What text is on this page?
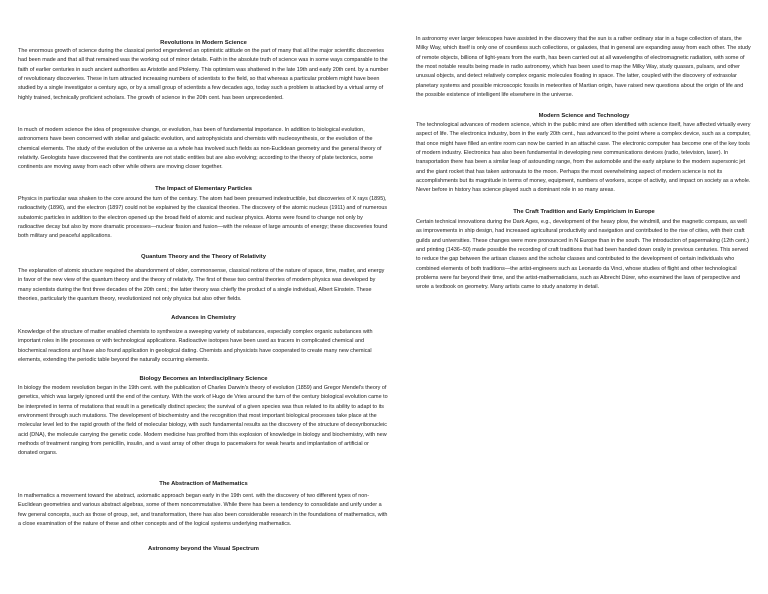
Revolutions in Modern Science

The enormous growth of science during the classical period engendered an optimistic attitude on the part of many that all the major scientific discoveries had been made and that all that remained was the working out of minor details. Faith in the absolute truth of science was in some ways comparable to the faith of earlier centuries in such ancient authorities as Aristotle and Ptolemy. This optimism was shattered in the late 19th and early 20th cent. by a number of revolutionary discoveries. These in turn attracted increasing numbers of scientists to the field, so that whereas a particular problem might have been studied by a single investigator a century ago, or by a small group of scientists a few decades ago, today such a problem is attacked by a virtual army of highly trained, technically proficient scholars. The growth of science in the 20th cent. has been unprecedented.

In much of modern science the idea of progressive change, or evolution, has been of fundamental importance. In addition to biological evolution, astronomers have been concerned with stellar and galactic evolution, and astrophysicists and chemists with nucleosynthesis, or the evolution of the chemical elements. The study of the evolution of the universe as a whole has involved such fields as non-Euclidean geometry and the general theory of relativity. Geologists have discovered that the continents are not static entities but are also evolving; according to the theory of plate tectonics, some continents are moving away from each other while others are moving closer together.

The Impact of Elementary Particles

Physics in particular was shaken to the core around the turn of the century. The atom had been presumed indestructible, but discoveries of X rays (1895), radioactivity (1896), and the electron (1897) could not be explained by the classical theories. The discovery of the atomic nucleus (1911) and of numerous subatomic particles in addition to the electron opened up the broad field of atomic and nuclear physics. Atoms were found to change not only by radioactive decay but also by more dramatic processes—nuclear fission and fusion—with the release of large amounts of energy; these discoveries found both military and peaceful applications.

Quantum Theory and the Theory of Relativity

The explanation of atomic structure required the abandonment of older, commonsense, classical notions of the nature of space, time, matter, and energy in favor of the new view of the quantum theory and the theory of relativity. The first of these two central theories of modern physics was developed by many scientists during the first three decades of the 20th cent.; the latter theory was chiefly the product of a single individual, Albert Einstein. These theories, particularly the quantum theory, revolutionized not only physics but also other fields.

Advances in Chemistry

Knowledge of the structure of matter enabled chemists to synthesize a sweeping variety of substances, especially complex organic substances with important roles in life processes or with technological applications. Radioactive isotopes have been used as tracers in complicated chemical and biochemical reactions and have also found application in geological dating. Chemists and physicists have cooperated to create many new chemical elements, extending the periodic table beyond the naturally occurring elements.

Biology Becomes an Interdisciplinary Science

In biology the modern revolution began in the 19th cent. with the publication of Charles Darwin's theory of evolution (1859) and Gregor Mendel's theory of genetics, which was largely ignored until the end of the century. With the work of Hugo de Vries around the turn of the century biological evolution came to be interpreted in terms of mutations that result in a genetically distinct species; the survival of a given species was thus related to its ability to adapt to its environment through such mutations. The development of biochemistry and the recognition that most important biological processes take place at the molecular level led to the rapid growth of the field of molecular biology, with such fundamental results as the discovery of the structure of deoxyribonucleic acid (DNA), the molecule carrying the genetic code. Modern medicine has profited from this explosion of knowledge in biology and biochemistry, with new methods of treatment ranging from penicillin, insulin, and a vast array of other drugs to pacemakers for weak hearts and implantation of artificial or donated organs.

The Abstraction of Mathematics

In mathematics a movement toward the abstract, axiomatic approach began early in the 19th cent. with the discovery of two different types of non-Euclidean geometries and various abstract algebras, some of them noncommutative. While there has been a tendency to consolidate and unify under a few general concepts, such as those of group, set, and transformation, there has also been considerable research in the foundations of mathematics, with a close examination of the nature of these and other concepts and of the logical systems underlying mathematics.

Astronomy beyond the Visual Spectrum

In astronomy ever larger telescopes have assisted in the discovery that the sun is a rather ordinary star in a huge collection of stars, the Milky Way, which itself is only one of countless such collections, or galaxies, that in general are expanding away from each other. The study of remote objects, billions of light-years from the earth, has been carried out at all wavelengths of electromagnetic radiation, with some of the most notable results being made in radio astronomy, which has been used to map the Milky Way, study quasars, pulsars, and other unusual objects, and detect relatively complex organic molecules floating in space. The latter, coupled with the discovery of extrasolar planetary systems and possible microscopic fossils in meteorites of Martian origin, have raised new questions about the origin of life and the possible existence of intelligent life elsewhere in the universe.

Modern Science and Technology

The technological advances of modern science, which in the public mind are often identified with science itself, have affected virtually every aspect of life. The electronics industry, born in the early 20th cent., has advanced to the point where a complex device, such as a computer, that once might have filled an entire room can now be carried in an attaché case. The electronic computer has become one of the key tools of modern industry. Electronics has also been fundamental in developing new communications devices (radio, television, laser). In transportation there has been a similar leap of astounding range, from the automobile and the early airplane to the modern supersonic jet and the giant rocket that has taken astronauts to the moon. Perhaps the most overwhelming aspect of modern science is not its accomplishments but its magnitude in terms of money, equipment, numbers of workers, scope of activity, and impact on society as a whole. Never before in history has science played such a dominant role in so many areas.

The Craft Tradition and Early Empiricism in Europe

Certain technical innovations during the Dark Ages, e.g., development of the heavy plow, the windmill, and the magnetic compass, as well as improvements in ship design, had increased agricultural productivity and navigation and contributed to the rise of cities, with their craft guilds and universities. These changes were more pronounced in N Europe than in the south. The introduction of papermaking (12th cent.) and printing (1436–50) made possible the recording of craft traditions that had been handed down orally in previous centuries. This served to reduce the gap between the artisan classes and the scholar classes and contributed to the development of certain individuals who combined elements of both traditions—the artist-engineers such as Leonardo da Vinci, whose studies of flight and other technological problems were far beyond their time, and the artist-mathematicians, such as Albrecht Dürer, who examined the laws of perspective and wrote a textbook on geometry. Many artists came to study anatomy in detail.
